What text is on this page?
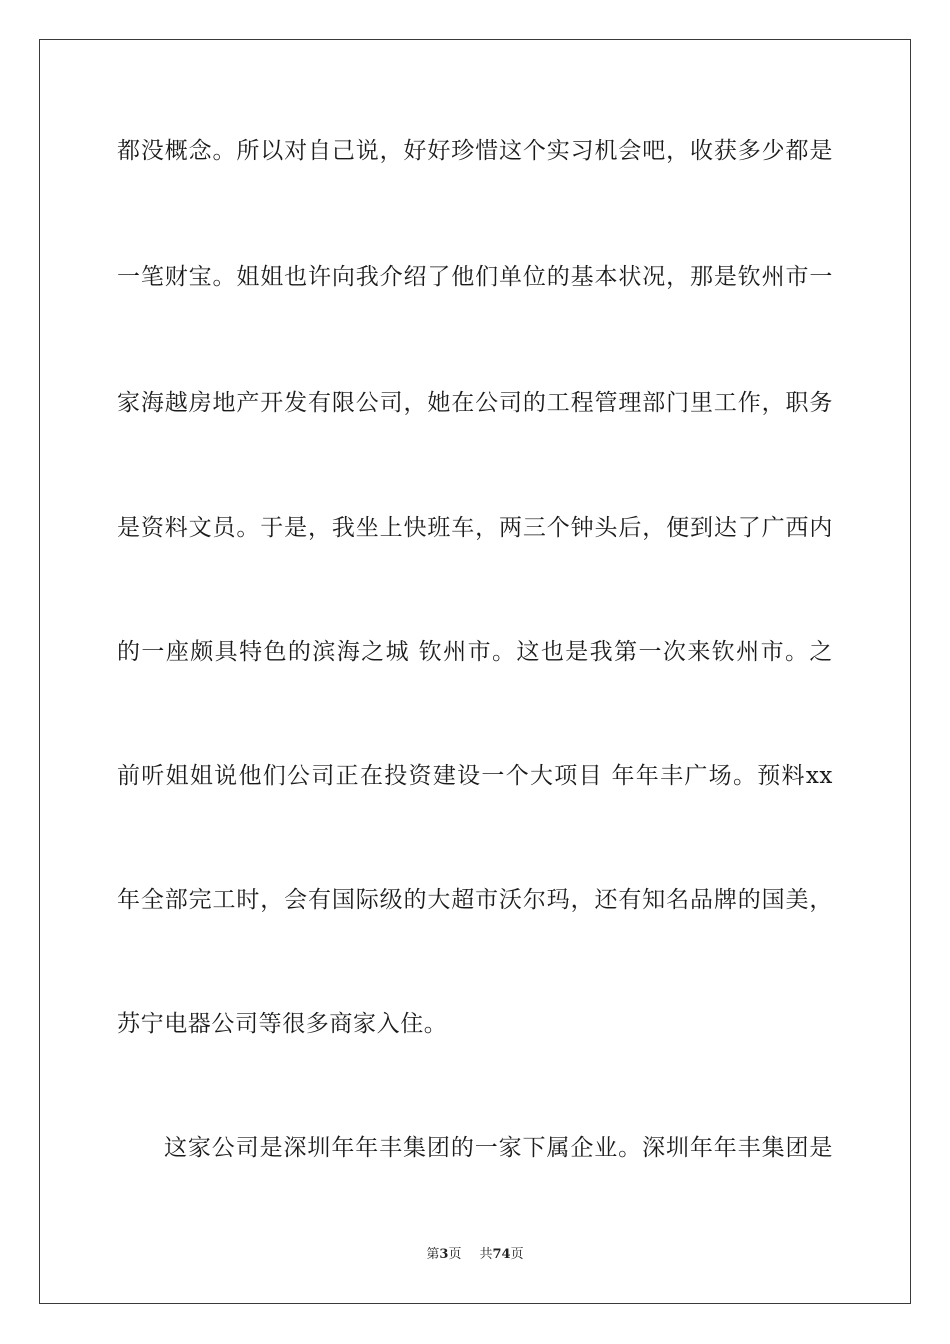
都没概念。所以对自己说，好好珍惜这个实习机会吧，收获多少都是
一笔财宝。姐姐也许向我介绍了他们单位的基本状况，那是钦州市一
家海越房地产开发有限公司，她在公司的工程管理部门里工作，职务
是资料文员。于是，我坐上快班车，两三个钟头后，便到达了广西内
的一座颇具特色的滨海之城 钦州市。这也是我第一次来钦州市。之
前听姐姐说他们公司正在投资建设一个大项目 年年丰广场。预料xx
年全部完工时，会有国际级的大超市沃尔玛，还有知名品牌的国美，
苏宁电器公司等很多商家入住。
这家公司是深圳年年丰集团的一家下属企业。深圳年年丰集团是
第3页 共74页
